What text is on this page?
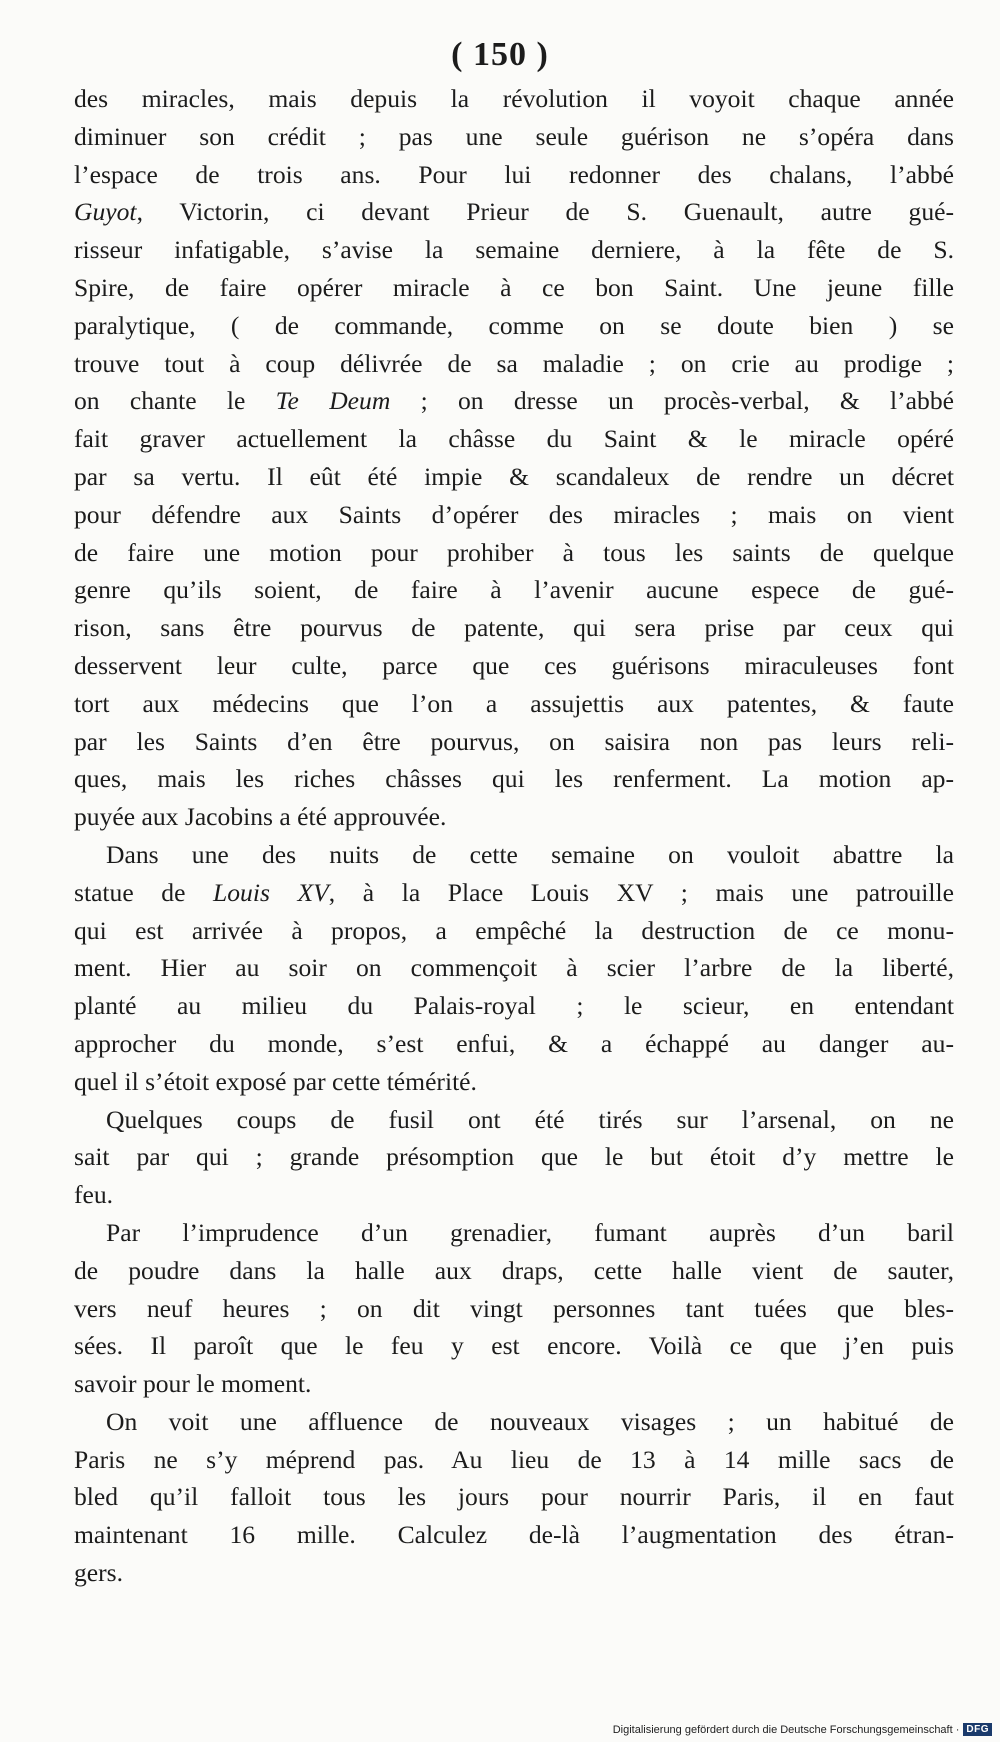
( 150 )
des miracles, mais depuis la révolution il voyoit chaque année
diminuer son crédit ; pas une seule guérison ne s’opéra dans
l’espace de trois ans. Pour lui redonner des chalans, l’abbé
Guyot, Victorin, ci devant Prieur de S. Guenault, autre gué-
risseur infatigable, s’avise la semaine derniere, à la fête de S.
Spire, de faire opérer miracle à ce bon Saint. Une jeune fille
paralytique, ( de commande, comme on se doute bien ) se
trouve tout à coup délivrée de sa maladie ; on crie au prodige ;
on chante le Te Deum ; on dresse un procès-verbal, & l’abbé
fait graver actuellement la châsse du Saint & le miracle opéré
par sa vertu. Il eût été impie & scandaleux de rendre un décret
pour défendre aux Saints d’opérer des miracles ; mais on vient
de faire une motion pour prohiber à tous les saints de quelque
genre qu’ils soient, de faire à l’avenir aucune espece de gué-
rison, sans être pourvus de patente, qui sera prise par ceux qui
desservent leur culte, parce que ces guérisons miraculeuses font
tort aux médecins que l’on a assujettis aux patentes, & faute
par les Saints d’en être pourvus, on saisira non pas leurs reli-
ques, mais les riches châsses qui les renferment. La motion ap-
puyée aux Jacobins a été approuvée.
Dans une des nuits de cette semaine on vouloit abattre la
statue de Louis XV, à la Place Louis XV ; mais une patrouille
qui est arrivée à propos, a empêché la destruction de ce monu-
ment. Hier au soir on commençoit à scier l’arbre de la liberté,
planté au milieu du Palais-royal ; le scieur, en entendant
approcher du monde, s’est enfui, & a échappé au danger au-
quel il s’étoit exposé par cette témérité.
Quelques coups de fusil ont été tirés sur l’arsenal, on ne
sait par qui ; grande présomption que le but étoit d’y mettre le
feu.
Par l’imprudence d’un grenadier, fumant auprès d’un baril
de poudre dans la halle aux draps, cette halle vient de sauter,
vers neuf heures ; on dit vingt personnes tant tuées que bles-
sées. Il paroît que le feu y est encore. Voilà ce que j’en puis
savoir pour le moment.
On voit une affluence de nouveaux visages ; un habitué de
Paris ne s’y méprend pas. Au lieu de 13 à 14 mille sacs de
bled qu’il falloit tous les jours pour nourrir Paris, il en faut
maintenant 16 mille. Calculez de-là l’augmentation des étran-
gers.
Digitalisierung gefördert durch die Deutsche Forschungsgemeinschaft · DFG
